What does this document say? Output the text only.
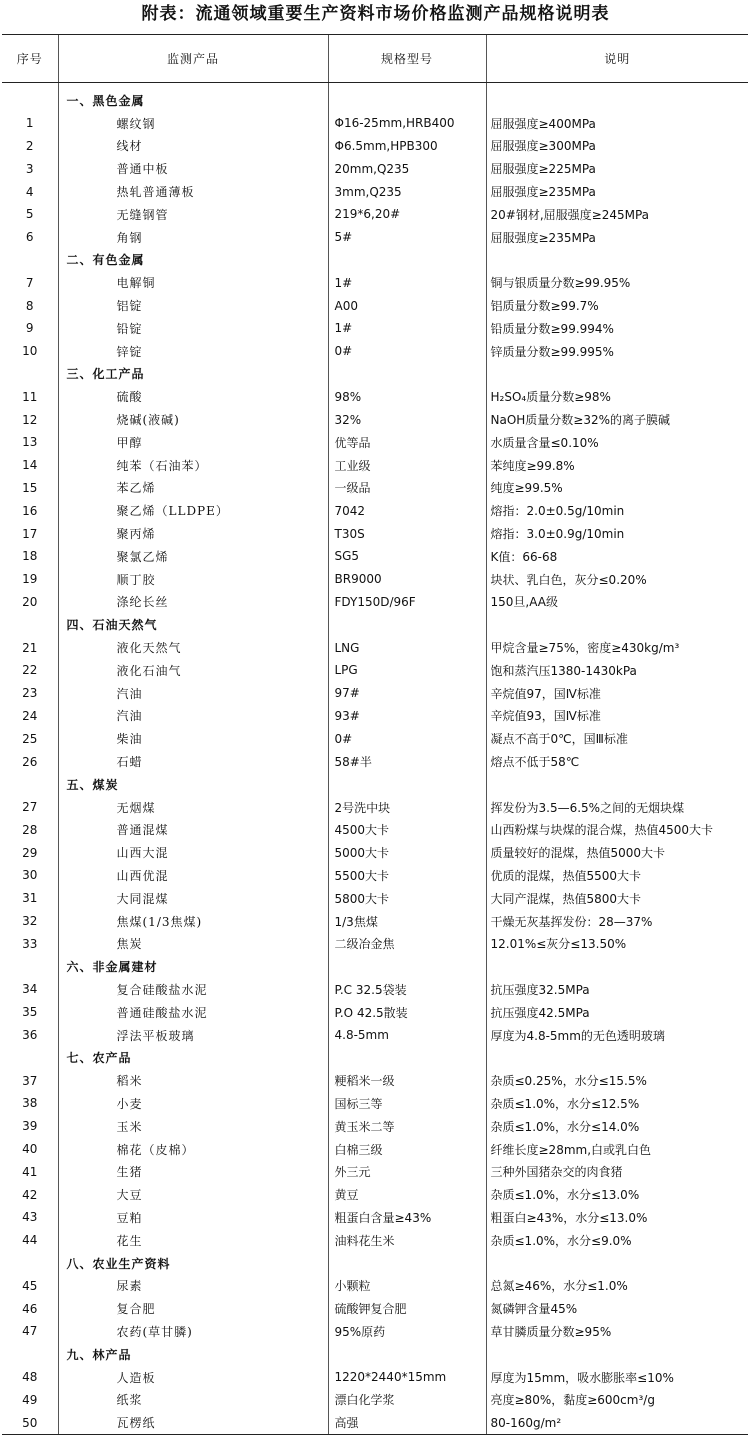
附表：流通领域重要生产资料市场价格监测产品规格说明表
序号	监测产品	规格型号	说明
	一、黑色金属		
1	螺纹钢	Φ16-25mm,HRB400	屈服强度≥400MPa
2	线材	Φ6.5mm,HPB300	屈服强度≥300MPa
3	普通中板	20mm,Q235	屈服强度≥225MPa
4	热轧普通薄板	3mm,Q235	屈服强度≥235MPa
5	无缝钢管	219*6,20#	20#钢材,屈服强度≥245MPa
6	角钢	5#	屈服强度≥235MPa
	二、有色金属		
7	电解铜	1#	铜与银质量分数≥99.95%
8	铝锭	A00	铝质量分数≥99.7%
9	铅锭	1#	铅质量分数≥99.994%
10	锌锭	0#	锌质量分数≥99.995%
	三、化工产品		
11	硫酸	98%	H₂SO₄质量分数≥98%
12	烧碱(液碱)	32%	NaOH质量分数≥32%的离子膜碱
13	甲醇	优等品	水质量含量≤0.10%
14	纯苯（石油苯）	工业级	苯纯度≥99.8%
15	苯乙烯	一级品	纯度≥99.5%
16	聚乙烯（LLDPE）	7042	熔指：2.0±0.5g/10min
17	聚丙烯	T30S	熔指：3.0±0.9g/10min
18	聚氯乙烯	SG5	K值：66-68
19	顺丁胶	BR9000	块状、乳白色，灰分≤0.20%
20	涤纶长丝	FDY150D/96F	150旦,AA级
	四、石油天然气		
21	液化天然气	LNG	甲烷含量≥75%，密度≥430kg/m³
22	液化石油气	LPG	饱和蒸汽压1380-1430kPa
23	汽油	97#	辛烷值97，国Ⅳ标准
24	汽油	93#	辛烷值93，国Ⅳ标准
25	柴油	0#	凝点不高于0℃，国Ⅲ标准
26	石蜡	58#半	熔点不低于58℃
	五、煤炭		
27	无烟煤	2号洗中块	挥发份为3.5—6.5%之间的无烟块煤
28	普通混煤	4500大卡	山西粉煤与块煤的混合煤，热值4500大卡
29	山西大混	5000大卡	质量较好的混煤，热值5000大卡
30	山西优混	5500大卡	优质的混煤，热值5500大卡
31	大同混煤	5800大卡	大同产混煤，热值5800大卡
32	焦煤(1/3焦煤)	1/3焦煤	干燥无灰基挥发份：28—37%
33	焦炭	二级冶金焦	12.01%≤灰分≤13.50%
	六、非金属建材		
34	复合硅酸盐水泥	P.C 32.5袋装	抗压强度32.5MPa
35	普通硅酸盐水泥	P.O 42.5散装	抗压强度42.5MPa
36	浮法平板玻璃	4.8-5mm	厚度为4.8-5mm的无色透明玻璃
	七、农产品		
37	稻米	粳稻米一级	杂质≤0.25%，水分≤15.5%
38	小麦	国标三等	杂质≤1.0%，水分≤12.5%
39	玉米	黄玉米二等	杂质≤1.0%，水分≤14.0%
40	棉花（皮棉）	白棉三级	纤维长度≥28mm,白或乳白色
41	生猪	外三元	三种外国猪杂交的肉食猪
42	大豆	黄豆	杂质≤1.0%，水分≤13.0%
43	豆粕	粗蛋白含量≥43%	粗蛋白≥43%，水分≤13.0%
44	花生	油料花生米	杂质≤1.0%，水分≤9.0%
	八、农业生产资料		
45	尿素	小颗粒	总氮≥46%，水分≤1.0%
46	复合肥	硫酸钾复合肥	氮磷钾含量45%
47	农药(草甘膦)	95%原药	草甘膦质量分数≥95%
	九、林产品		
48	人造板	1220*2440*15mm	厚度为15mm，吸水膨胀率≤10%
49	纸浆	漂白化学浆	亮度≥80%，黏度≥600cm³/g
50	瓦楞纸	高强	80-160g/m²
